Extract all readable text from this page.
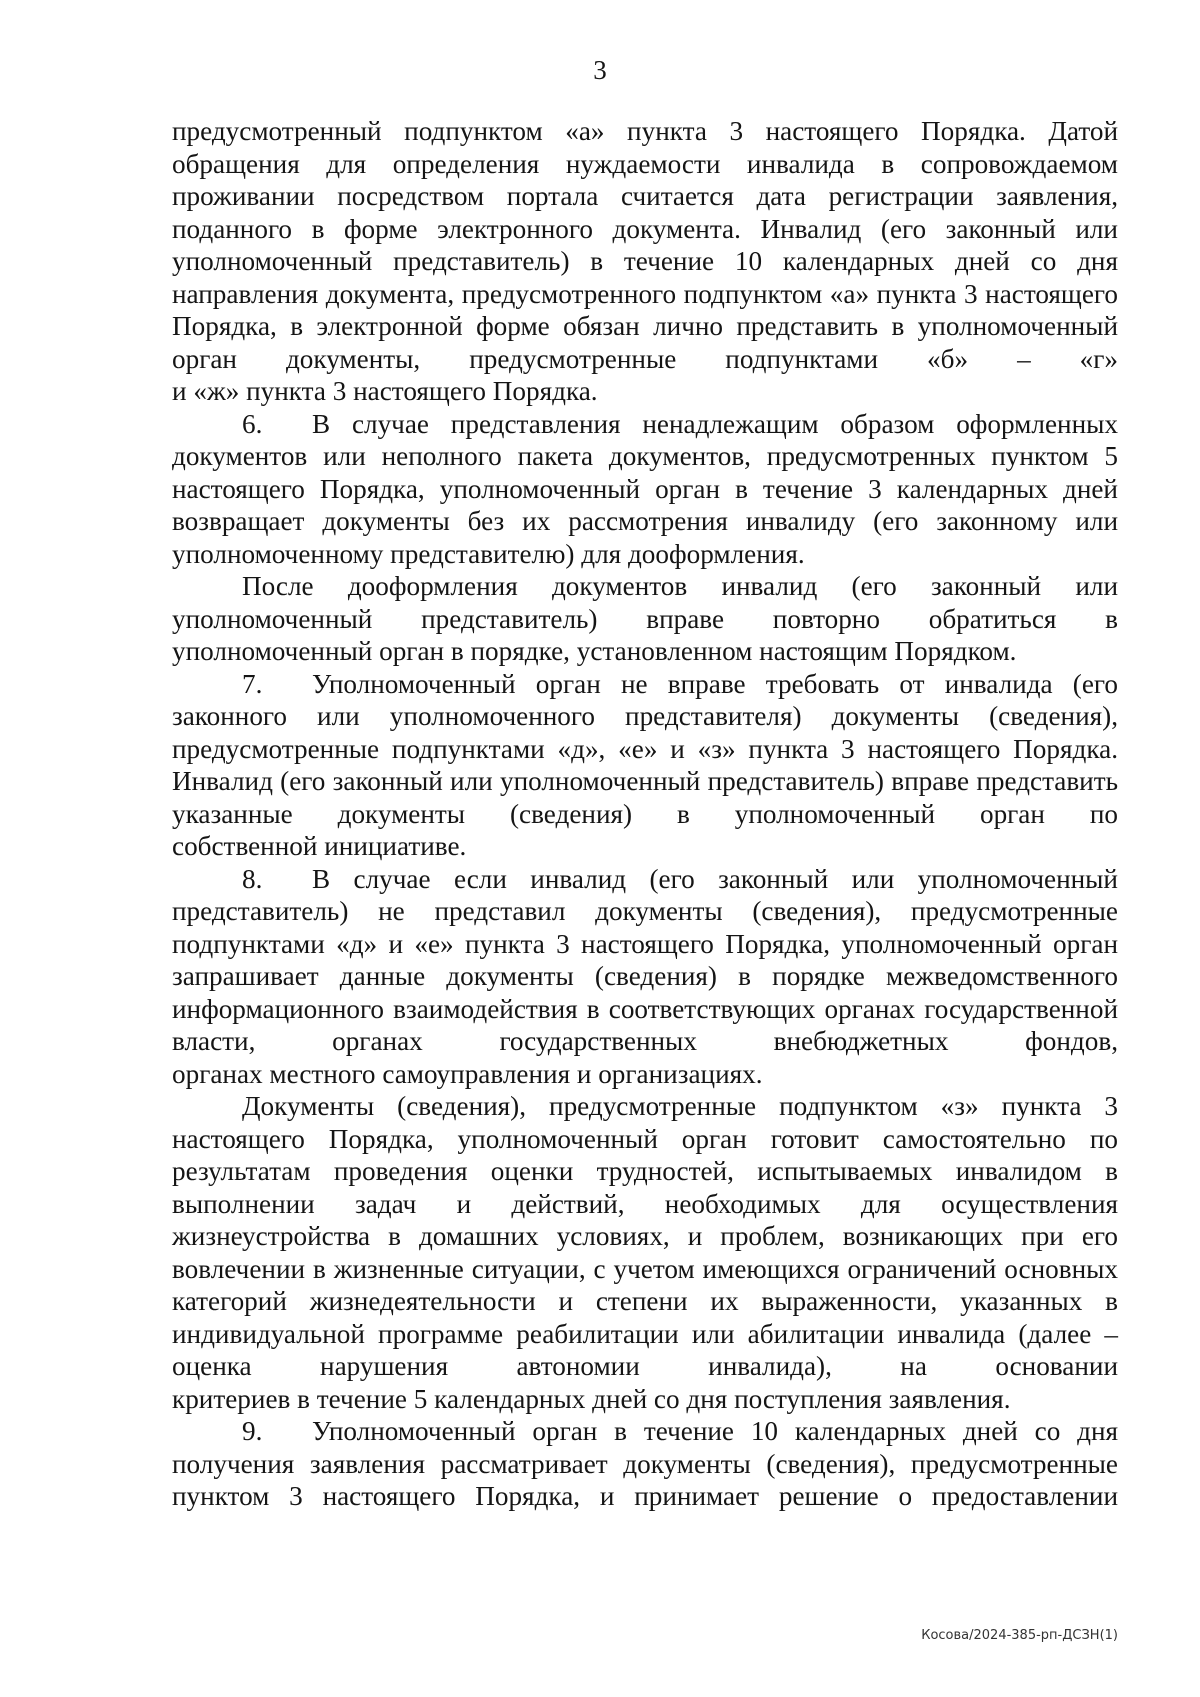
3

предусмотренный подпунктом «а» пункта 3 настоящего Порядка. Датой обращения для определения нуждаемости инвалида в сопровождаемом проживании посредством портала считается дата регистрации заявления, поданного в форме электронного документа. Инвалид (его законный или уполномоченный представитель) в течение 10 календарных дней со дня направления документа, предусмотренного подпунктом «а» пункта 3 настоящего Порядка, в электронной форме обязан лично представить в уполномоченный орган документы, предусмотренные подпунктами «б» – «г»

и «ж» пункта 3 настоящего Порядка.

6. В случае представления ненадлежащим образом оформленных документов или неполного пакета документов, предусмотренных пунктом 5 настоящего Порядка, уполномоченный орган в течение 3 календарных дней возвращает документы без их рассмотрения инвалиду (его законному или

уполномоченному представителю) для дооформления.

После дооформления документов инвалид (его законный или уполномоченный представитель) вправе повторно обратиться в

уполномоченный орган в порядке, установленном настоящим Порядком.

7. Уполномоченный орган не вправе требовать от инвалида (его законного или уполномоченного представителя) документы (сведения), предусмотренные подпунктами «д», «е» и «з» пункта 3 настоящего Порядка. Инвалид (его законный или уполномоченный представитель) вправе представить указанные документы (сведения) в уполномоченный орган по

собственной инициативе.

8. В случае если инвалид (его законный или уполномоченный представитель) не представил документы (сведения), предусмотренные подпунктами «д» и «е» пункта 3 настоящего Порядка, уполномоченный орган запрашивает данные документы (сведения) в порядке межведомственного информационного взаимодействия в соответствующих органах государственной власти, органах государственных внебюджетных фондов,

органах местного самоуправления и организациях.

Документы (сведения), предусмотренные подпунктом «з» пункта 3 настоящего Порядка, уполномоченный орган готовит самостоятельно по результатам проведения оценки трудностей, испытываемых инвалидом в выполнении задач и действий, необходимых для осуществления жизнеустройства в домашних условиях, и проблем, возникающих при его вовлечении в жизненные ситуации, с учетом имеющихся ограничений основных категорий жизнедеятельности и степени их выраженности, указанных в индивидуальной программе реабилитации или абилитации инвалида (далее – оценка нарушения автономии инвалида), на основании

критериев в течение 5 календарных дней со дня поступления заявления.

9. Уполномоченный орган в течение 10 календарных дней со дня получения заявления рассматривает документы (сведения), предусмотренные пунктом 3 настоящего Порядка, и принимает решение о предоставлении

Косова/2024-385-рп-ДСЗН(1)
